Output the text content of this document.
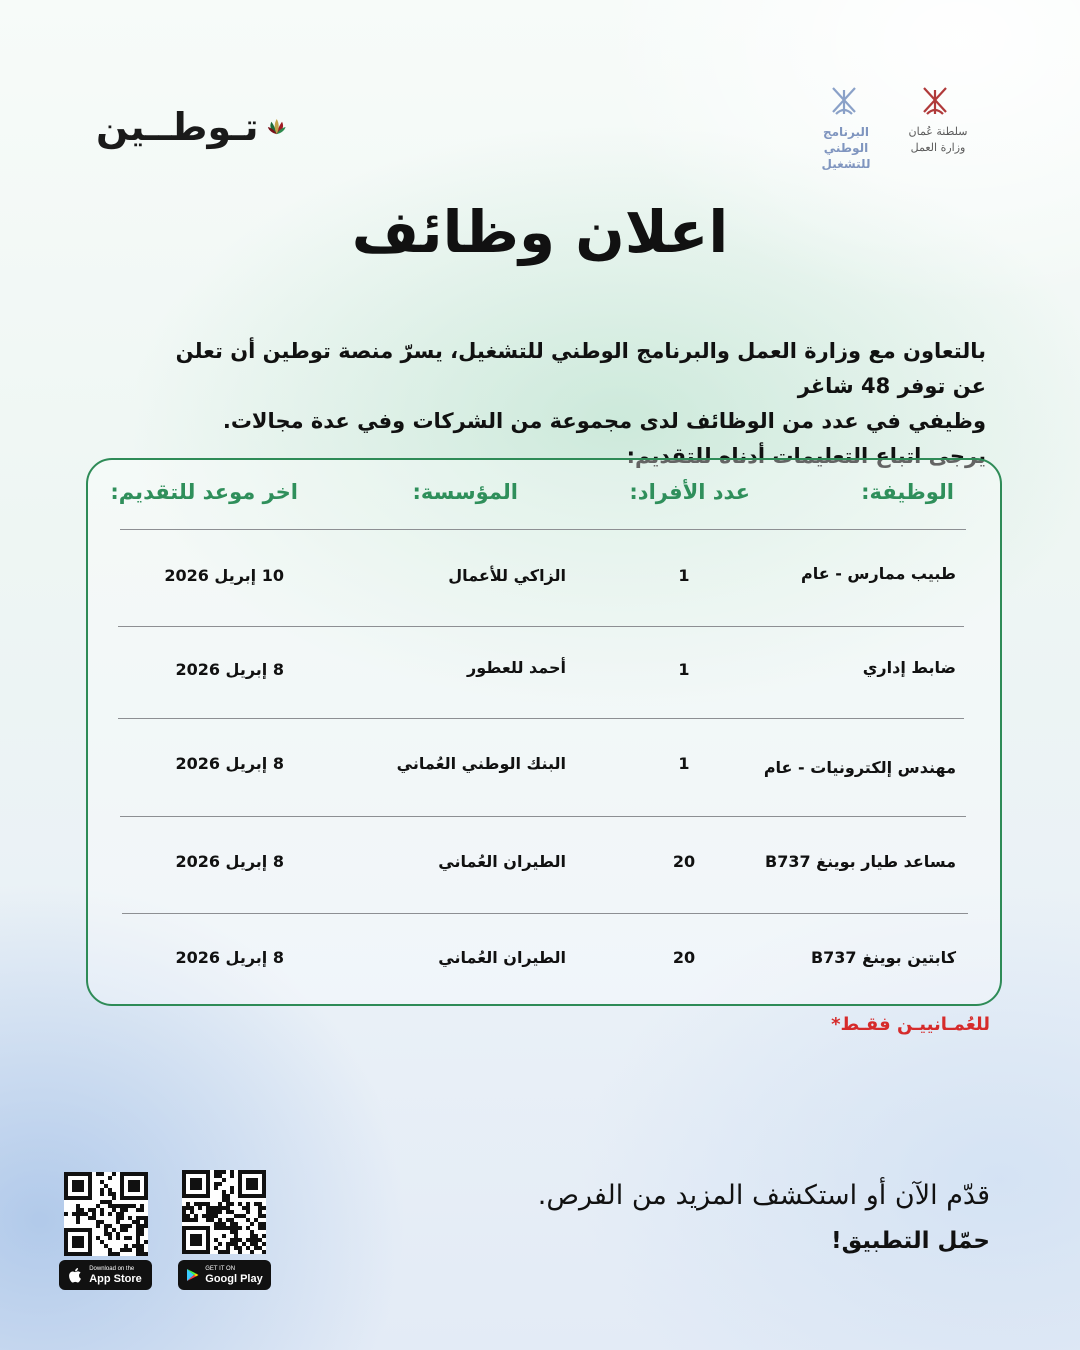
تـوطــين	البرنامج الوطني
للتشغيل
سلطنة عُمان
وزارة العمل
اعلان وظائف

بالتعاون مع وزارة العمل والبرنامج الوطني للتشغيل، يسرّ منصة توطين أن تعلن عن توفر 48 شاغر

وظيفي في عدد من الوظائف لدى مجموعة من الشركات وفي عدة مجالات.

يرجى اتباع التعليمات أدناه للتقديم:

الوظيفة:
عدد الأفراد:
المؤسسة:
اخر موعد للتقديم:
طبيب ممارس - عام
1
الزاكي للأعمال
10 إبريل 2026
ضابط إداري
1
أحمد للعطور
8 إبريل 2026
مهندس إلكترونيات - عام
1
البنك الوطني العُماني
8 إبريل 2026
مساعد طيار بوينغ B737
20
الطيران العُماني
8 إبريل 2026
كابتين بوينغ B737
20
الطيران العُماني
8 إبريل 2026
للعُمـانييـن فقـط*
قدّم الآن أو استكشف المزيد من الفرص.
حمّل التطبيق!
Download on the
App Store
GET IT ON
Googl Play
